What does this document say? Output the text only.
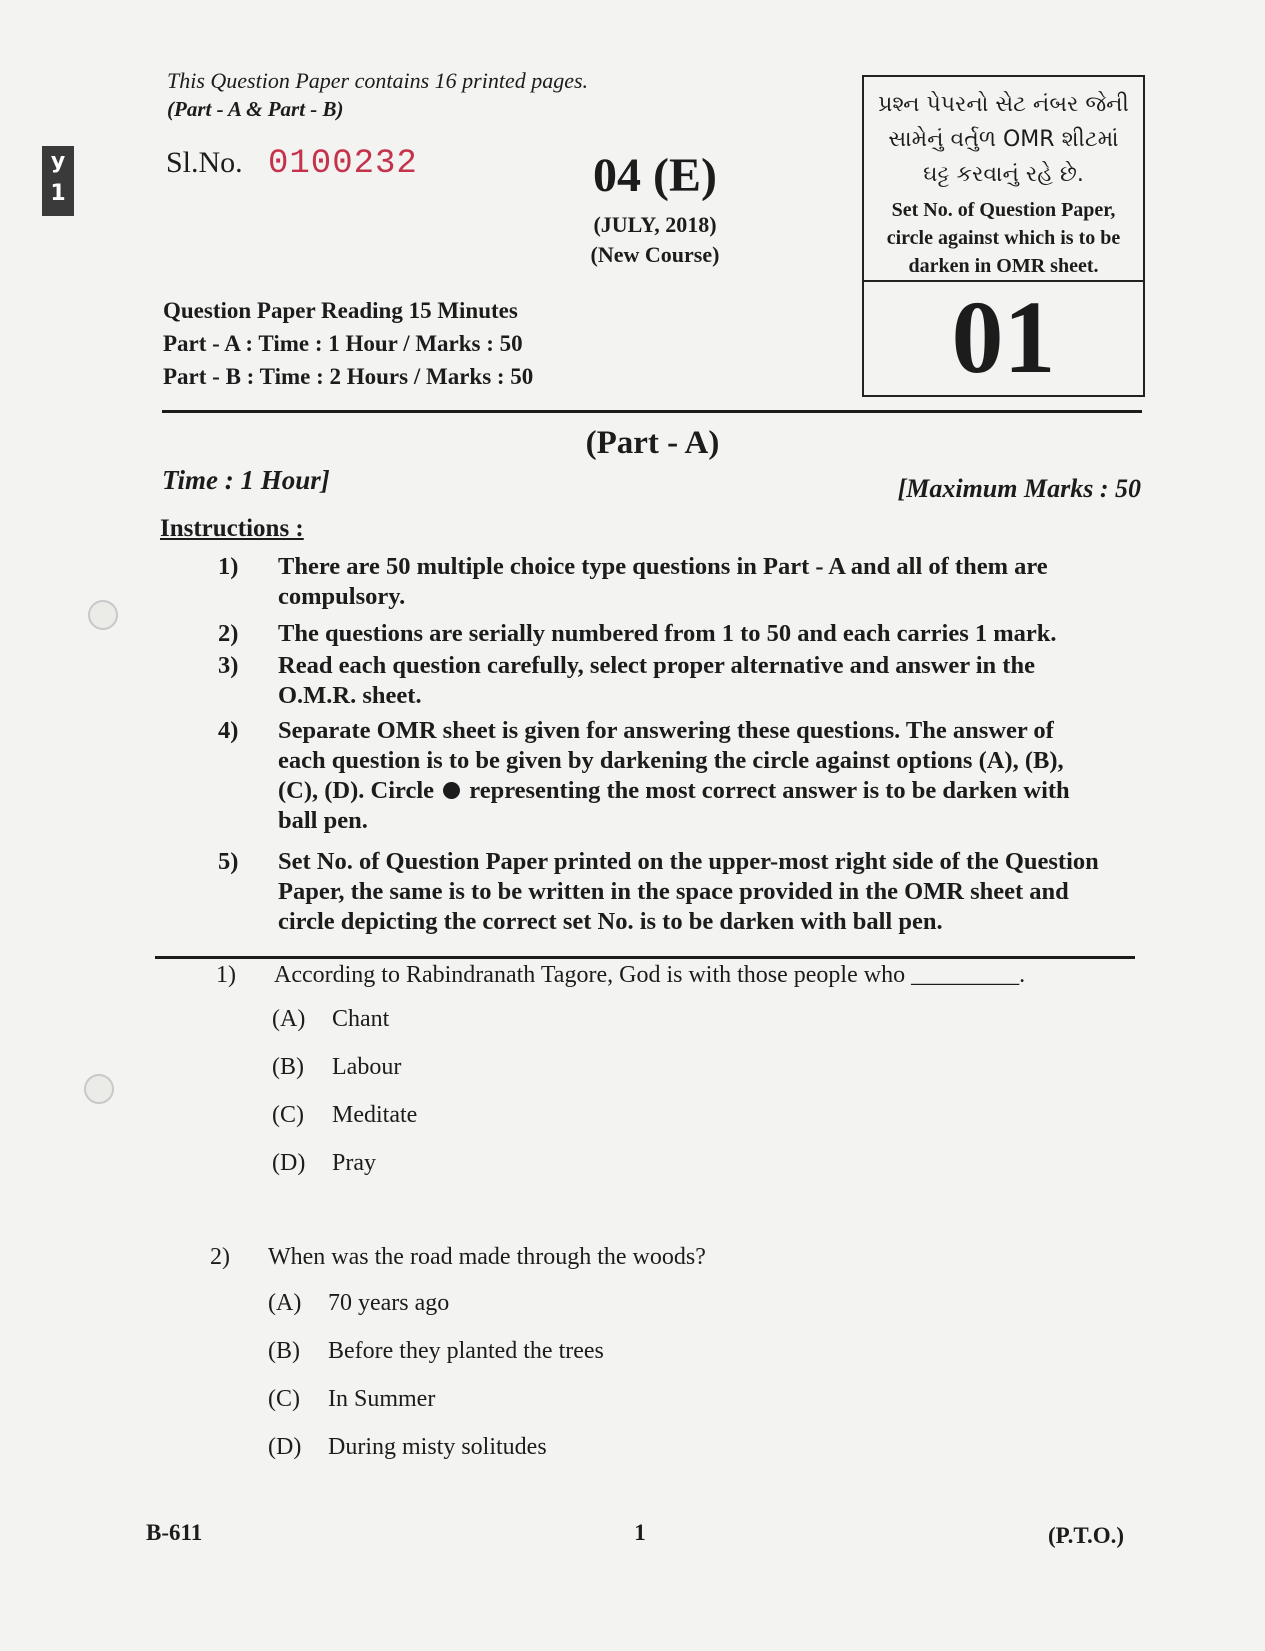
y 1
This Question Paper contains 16 printed pages.
(Part - A & Part - B)
Sl.No. 0100232	04 (E)
(JULY, 2018)
(New Course)
Question Paper Reading 15 Minutes
Part - A : Time : 1 Hour / Marks : 50
Part - B : Time : 2 Hours / Marks : 50
પ્રશ્ન પેપરનો સેટ નંબર જેની
સામેનું વર્તુળ OMR શીટમાં
ઘટ્ટ કરવાનું રહે છે.
Set No. of Question Paper,
circle against which is to be
darken in OMR sheet.
01
(Part - A)
Time : 1 Hour]	[Maximum Marks : 50
Instructions :
1)	There are 50 multiple choice type questions in Part - A and all of them are
compulsory.
2)	The questions are serially numbered from 1 to 50 and each carries 1 mark.
3)	Read each question carefully, select proper alternative and answer in the
O.M.R. sheet.
4)	Separate OMR sheet is given for answering these questions. The answer of
each question is to be given by darkening the circle against options (A), (B),
(C), (D). Circle representing the most correct answer is to be darken with
ball pen.
5)	Set No. of Question Paper printed on the upper-most right side of the Question
Paper, the same is to be written in the space provided in the OMR sheet and
circle depicting the correct set No. is to be darken with ball pen.
1) According to Rabindranath Tagore, God is with those people who _________.
(A) Chant
(B) Labour
(C) Meditate
(D) Pray
2) When was the road made through the woods?
(A) 70 years ago
(B) Before they planted the trees
(C) In Summer
(D) During misty solitudes
B-611	1	(P.T.O.)
